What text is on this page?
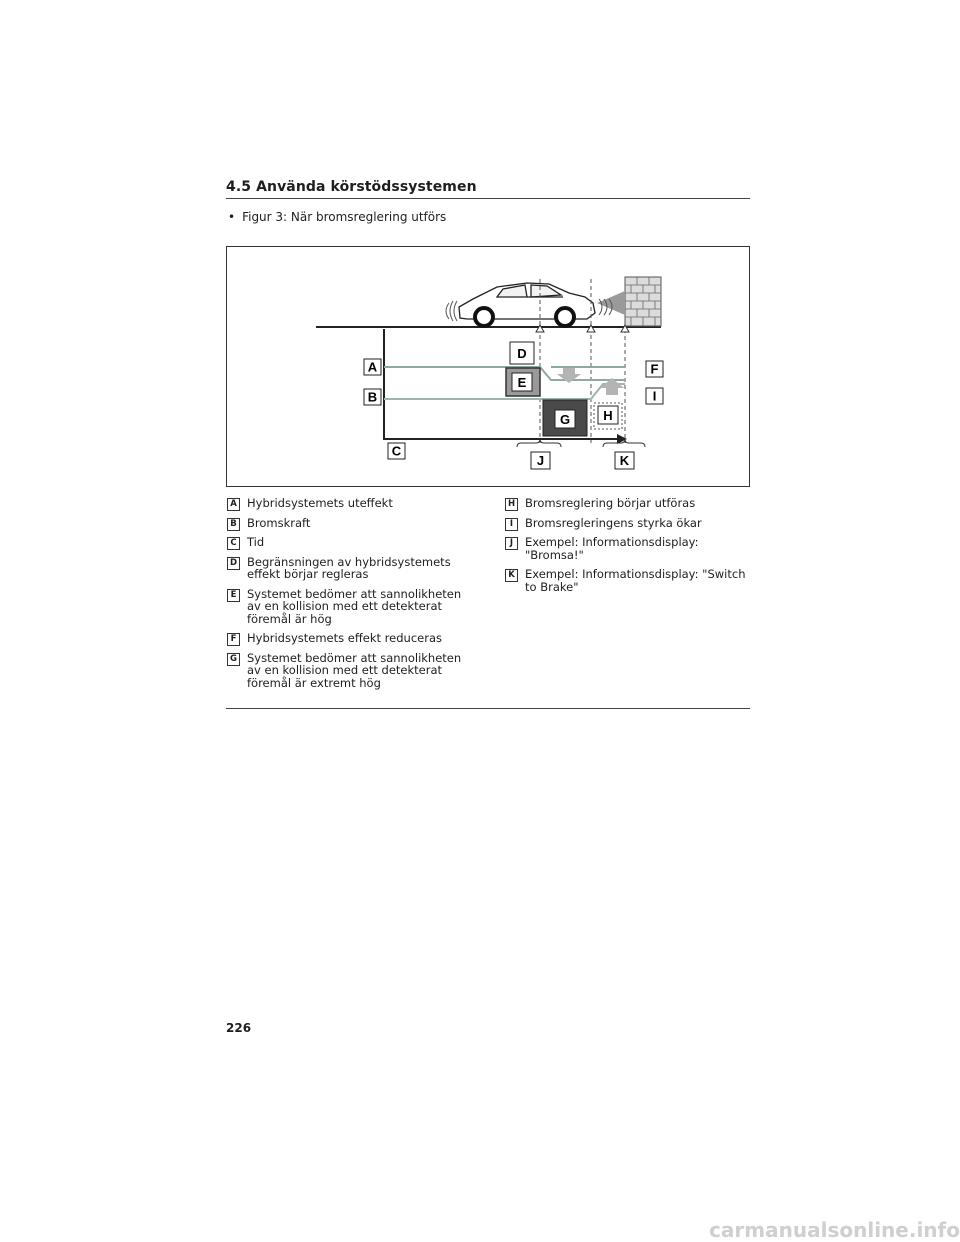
4.5 Använda körstödssystemen
• Figur 3: När bromsreglering utförs
A
B
C
D
E
F
G	H
I
J	K
A Hybridsystemets uteffekt
B Bromskraft
C Tid
D Begränsningen av hybridsystemets effekt börjar regleras
E Systemet bedömer att sannolikheten av en kollision med ett detekterat föremål är hög
F Hybridsystemets effekt reduceras
G Systemet bedömer att sannolikheten av en kollision med ett detekterat föremål är extremt hög
H Bromsreglering börjar utföras
I	Bromsregleringens styrka ökar
J	Exempel: Informationsdisplay: "Bromsa!"
K Exempel: Informationsdisplay: "Switch to Brake"
226
carmanualsonline.info
